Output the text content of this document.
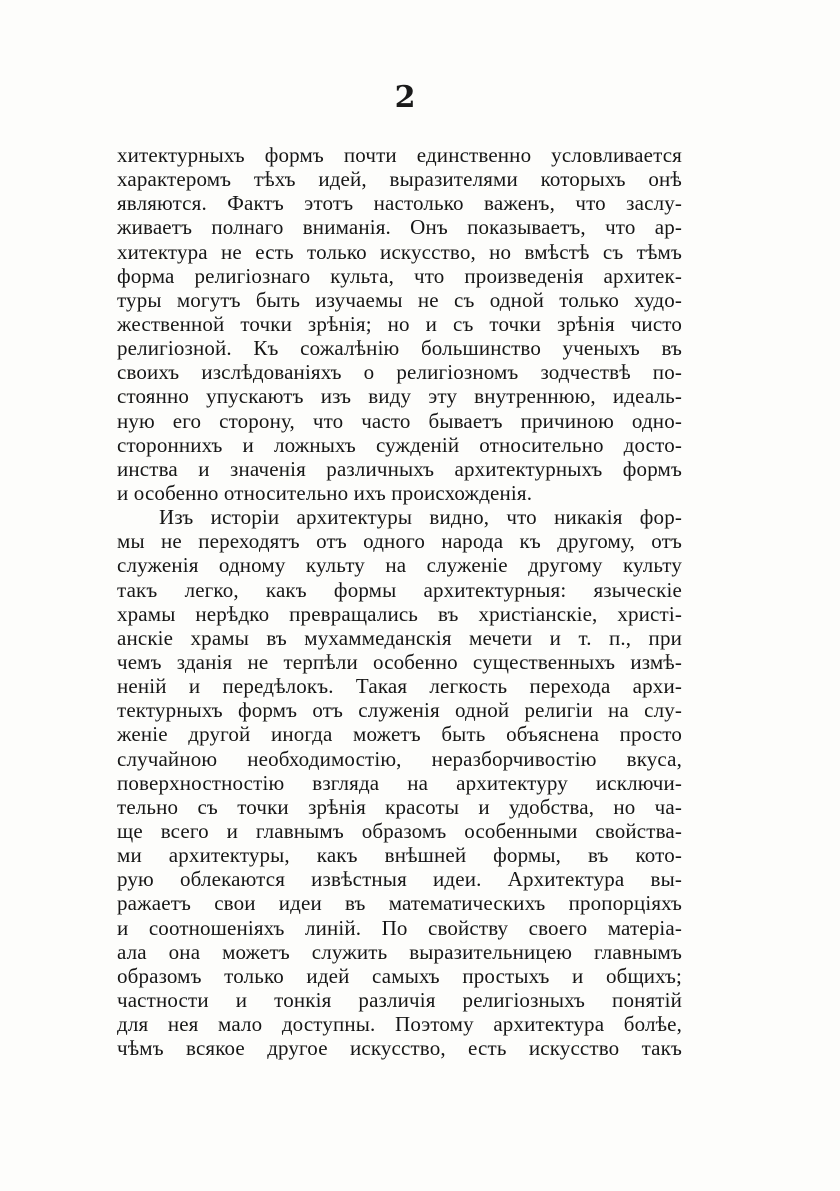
2
хитектурныхъ формъ почти единственно условливается
характеромъ тѣхъ идей, выразителями которыхъ онѣ
являются. Фактъ этотъ настолько важенъ, что заслу-
живаетъ полнаго вниманія. Онъ показываетъ, что ар-
хитектура не есть только искусство, но вмѣстѣ съ тѣмъ
форма религіознаго культа, что произведенія архитек-
туры могутъ быть изучаемы не съ одной только худо-
жественной точки зрѣнія; но и съ точки зрѣнія чисто
религіозной. Къ сожалѣнію большинство ученыхъ въ
своихъ изслѣдованіяхъ о религіозномъ зодчествѣ по-
стоянно упускаютъ изъ виду эту внутреннюю, идеаль-
ную его сторону, что часто бываетъ причиною одно-
стороннихъ и ложныхъ сужденій относительно досто-
инства и значенія различныхъ архитектурныхъ формъ
и особенно относительно ихъ происхожденія.
Изъ исторіи архитектуры видно, что никакія фор-
мы не переходятъ отъ одного народа къ другому, отъ
служенія одному культу на служеніе другому культу
такъ легко, какъ формы архитектурныя: языческіе
храмы нерѣдко превращались въ христіанскіе, христі-
анскіе храмы въ мухаммеданскія мечети и т. п., при
чемъ зданія не терпѣли особенно существенныхъ измѣ-
неній и передѣлокъ. Такая легкость перехода архи-
тектурныхъ формъ отъ служенія одной религіи на слу-
женіе другой иногда можетъ быть объяснена просто
случайною необходимостію, неразборчивостію вкуса,
поверхностностію взгляда на архитектуру исключи-
тельно съ точки зрѣнія красоты и удобства, но ча-
ще всего и главнымъ образомъ особенными свойства-
ми архитектуры, какъ внѣшней формы, въ кото-
рую облекаются извѣстныя идеи. Архитектура вы-
ражаетъ свои идеи въ математическихъ пропорціяхъ
и соотношеніяхъ линій. По свойству своего матеріа-
ала она можетъ служить выразительницею главнымъ
образомъ только идей самыхъ простыхъ и общихъ;
частности и тонкія различія религіозныхъ понятій
для нея мало доступны. Поэтому архитектура болѣе,
чѣмъ всякое другое искусство, есть искусство такъ
